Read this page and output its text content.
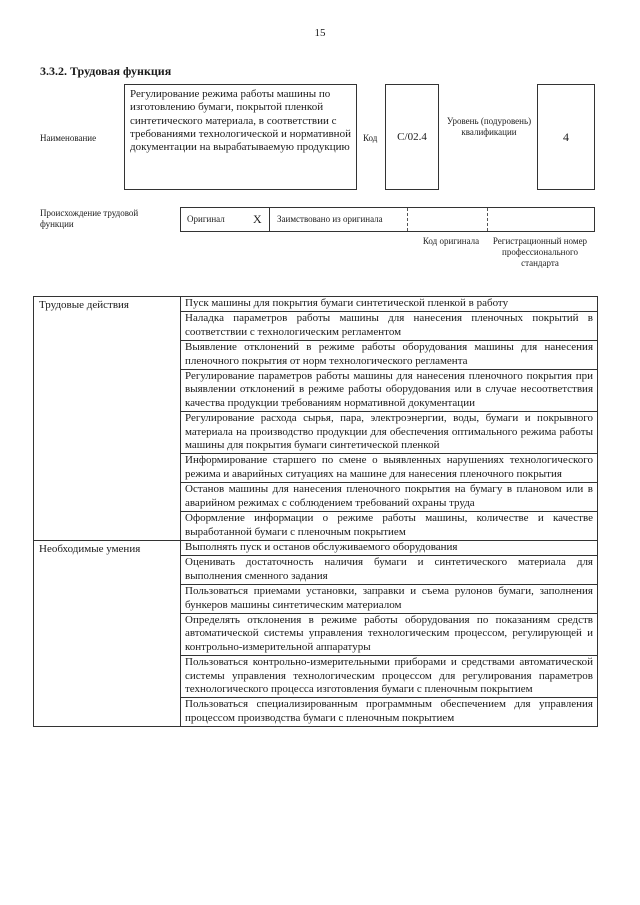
15
3.3.2. Трудовая функция
Наименование
Регулирование режима работы машины по изготовлению бумаги, покрытой пленкой синтетического материала, в соответствии с требованиями технологической и нормативной документации на вырабатываемую продукцию
Код	С/02.4
Уровень (подуровень) квалификации	4
Происхождение трудовой функции	Оригинал X Заимствовано из оригинала
Код оригинала	Регистрационный номер профессионального стандарта
Трудовые действия	Пуск машины для покрытия бумаги синтетической пленкой в работу
Наладка параметров работы машины для нанесения пленочных покрытий в соответствии с технологическим регламентом
Выявление отклонений в режиме работы оборудования машины для нанесения пленочного покрытия от норм технологического регламента
Регулирование параметров работы машины для нанесения пленочного покрытия при выявлении отклонений в режиме работы оборудования или в случае несоответствия качества продукции требованиям нормативной документации
Регулирование расхода сырья, пара, электроэнергии, воды, бумаги и покрывного материала на производство продукции для обеспечения оптимального режима работы машины для покрытия бумаги синтетической пленкой
Информирование старшего по смене о выявленных нарушениях технологического режима и аварийных ситуациях на машине для нанесения пленочного покрытия
Останов машины для нанесения пленочного покрытия на бумагу в плановом или в аварийном режимах с соблюдением требований охраны труда
Оформление информации о режиме работы машины, количестве и качестве выработанной бумаги с пленочным покрытием
Необходимые умения	Выполнять пуск и останов обслуживаемого оборудования
Оценивать достаточность наличия бумаги и синтетического материала для выполнения сменного задания
Пользоваться приемами установки, заправки и съема рулонов бумаги, заполнения бункеров машины синтетическим материалом
Определять отклонения в режиме работы оборудования по показаниям средств автоматической системы управления технологическим процессом, регулирующей и контрольно-измерительной аппаратуры
Пользоваться контрольно-измерительными приборами и средствами автоматической системы управления технологическим процессом для регулирования параметров технологического процесса изготовления бумаги с пленочным покрытием
Пользоваться специализированным программным обеспечением для управления процессом производства бумаги с пленочным покрытием
